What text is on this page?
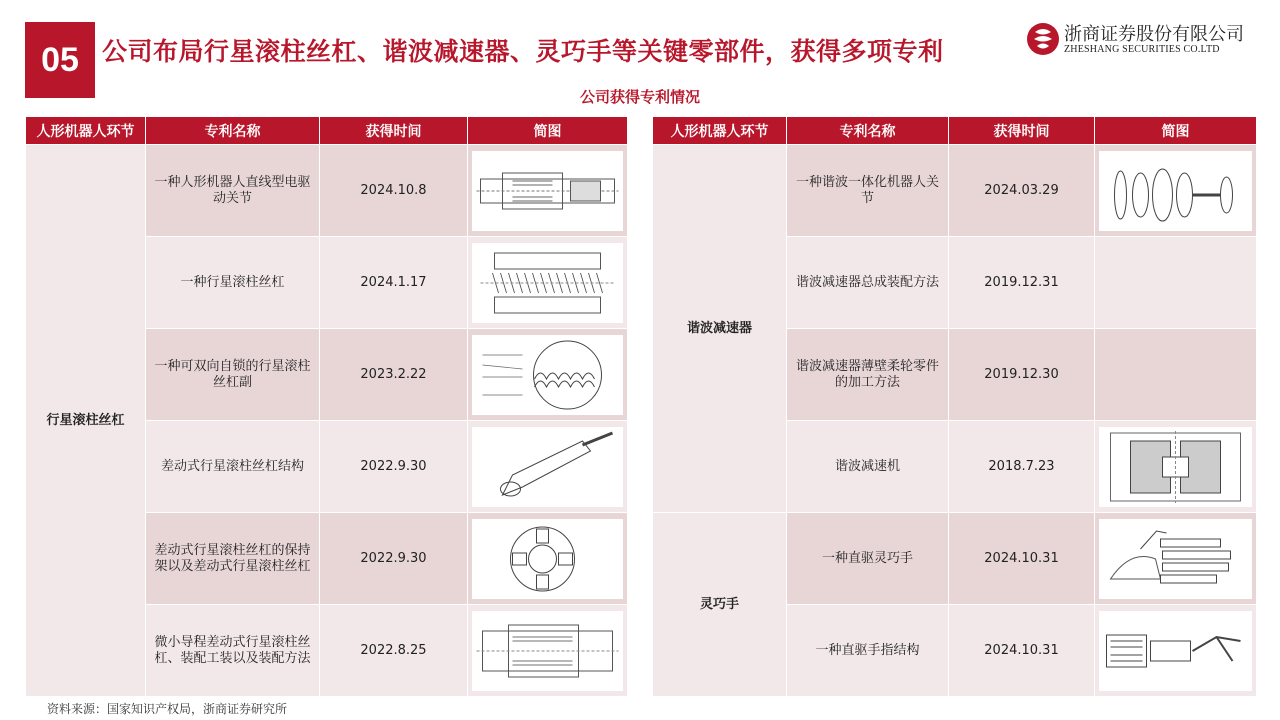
05 公司布局行星滚柱丝杠、谐波减速器、灵巧手等关键零部件，获得多项专利
浙商证券股份有限公司
ZHESHANG SECURITIES CO.LTD
公司获得专利情况
人形机器人环节	专利名称	获得时间	简图
行星滚柱丝杠	一种人形机器人直线型电驱动关节	2024.10.8	

	一种行星滚柱丝杠	2024.1.17	

	一种可双向自锁的行星滚柱丝杠副	2023.2.22	

	差动式行星滚柱丝杠结构	2022.9.30	

	差动式行星滚柱丝杠的保持架以及差动式行星滚柱丝杠	2022.9.30	

	微小导程差动式行星滚柱丝杠、装配工装以及装配方法	2022.8.25	
人形机器人环节	专利名称	获得时间	简图
谐波减速器	一种谐波一体化机器人关节	2024.03.29	

	谐波减速器总成装配方法	2019.12.31	
	谐波减速器薄壁柔轮零件的加工方法	2019.12.30	
	谐波减速机	2018.7.23	

灵巧手	一种直驱灵巧手	2024.10.31	

	一种直驱手指结构	2024.10.31	
资料来源：国家知识产权局，浙商证券研究所
